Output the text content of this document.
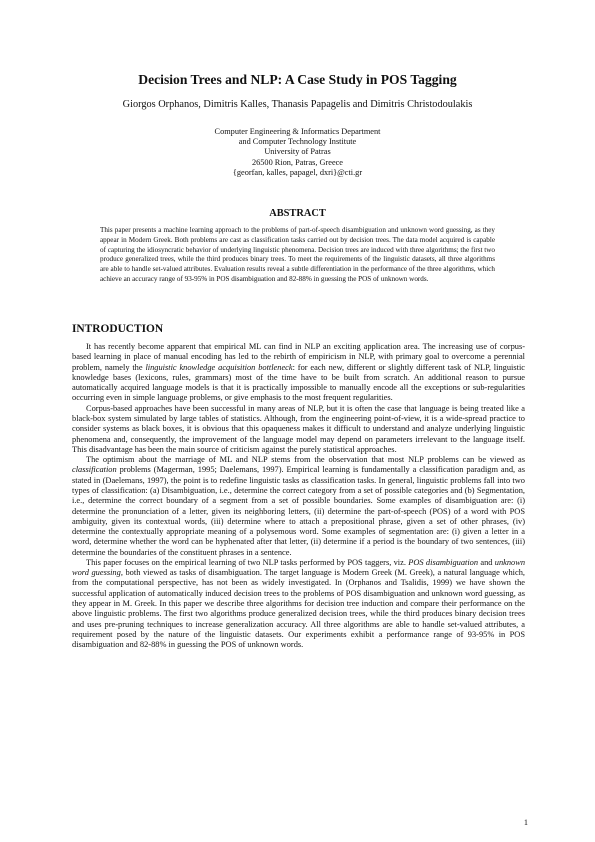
Decision Trees and NLP: A Case Study in POS Tagging
Giorgos Orphanos, Dimitris Kalles, Thanasis Papagelis and Dimitris Christodoulakis
Computer Engineering & Informatics Department
and Computer Technology Institute
University of Patras
26500 Rion, Patras, Greece
{georfan, kalles, papagel, dxri}@cti.gr
ABSTRACT
This paper presents a machine learning approach to the problems of part-of-speech disambiguation and unknown word guessing, as they appear in Modern Greek. Both problems are cast as classification tasks carried out by decision trees. The data model acquired is capable of capturing the idiosyncratic behavior of underlying linguistic phenomena. Decision trees are induced with three algorithms; the first two produce generalized trees, while the third produces binary trees. To meet the requirements of the linguistic datasets, all three algorithms are able to handle set-valued attributes. Evaluation results reveal a subtle differentiation in the performance of the three algorithms, which achieve an accuracy range of 93-95% in POS disambiguation and 82-88% in guessing the POS of unknown words.
INTRODUCTION

It has recently become apparent that empirical ML can find in NLP an exciting application area. The increasing use of corpus-based learning in place of manual encoding has led to the rebirth of empiricism in NLP, with primary goal to overcome a perennial problem, namely the linguistic knowledge acquisition bottleneck: for each new, different or slightly different task of NLP, linguistic knowledge bases (lexicons, rules, grammars) most of the time have to be built from scratch. An additional reason to pursue automatically acquired language models is that it is practically impossible to manually encode all the exceptions or sub-regularities occurring even in simple language problems, or give emphasis to the most frequent regularities.

Corpus-based approaches have been successful in many areas of NLP, but it is often the case that language is being treated like a black-box system simulated by large tables of statistics. Although, from the engineering point-of-view, it is a wide-spread practice to consider systems as black boxes, it is obvious that this opaqueness makes it difficult to understand and analyze underlying linguistic phenomena and, consequently, the improvement of the language model may depend on parameters irrelevant to the language itself. This disadvantage has been the main source of criticism against the purely statistical approaches.

The optimism about the marriage of ML and NLP stems from the observation that most NLP problems can be viewed as classification problems (Magerman, 1995; Daelemans, 1997). Empirical learning is fundamentally a classification paradigm and, as stated in (Daelemans, 1997), the point is to redefine linguistic tasks as classification tasks. In general, linguistic problems fall into two types of classification: (a) Disambiguation, i.e., determine the correct category from a set of possible categories and (b) Segmentation, i.e., determine the correct boundary of a segment from a set of possible boundaries. Some examples of disambiguation are: (i) determine the pronunciation of a letter, given its neighboring letters, (ii) determine the part-of-speech (POS) of a word with POS ambiguity, given its contextual words, (iii) determine where to attach a prepositional phrase, given a set of other phrases, (iv) determine the contextually appropriate meaning of a polysemous word. Some examples of segmentation are: (i) given a letter in a word, determine whether the word can be hyphenated after that letter, (ii) determine if a period is the boundary of two sentences, (iii) determine the boundaries of the constituent phrases in a sentence.

This paper focuses on the empirical learning of two NLP tasks performed by POS taggers, viz. POS disambiguation and unknown word guessing, both viewed as tasks of disambiguation. The target language is Modern Greek (M. Greek), a natural language which, from the computational perspective, has not been as widely investigated. In (Orphanos and Tsalidis, 1999) we have shown the successful application of automatically induced decision trees to the problems of POS disambiguation and unknown word guessing, as they appear in M. Greek. In this paper we describe three algorithms for decision tree induction and compare their performance on the above linguistic problems. The first two algorithms produce generalized decision trees, while the third produces binary decision trees and uses pre-pruning techniques to increase generalization accuracy. All three algorithms are able to handle set-valued attributes, a requirement posed by the nature of the linguistic datasets. Our experiments exhibit a performance range of 93-95% in POS disambiguation and 82-88% in guessing the POS of unknown words.

1
